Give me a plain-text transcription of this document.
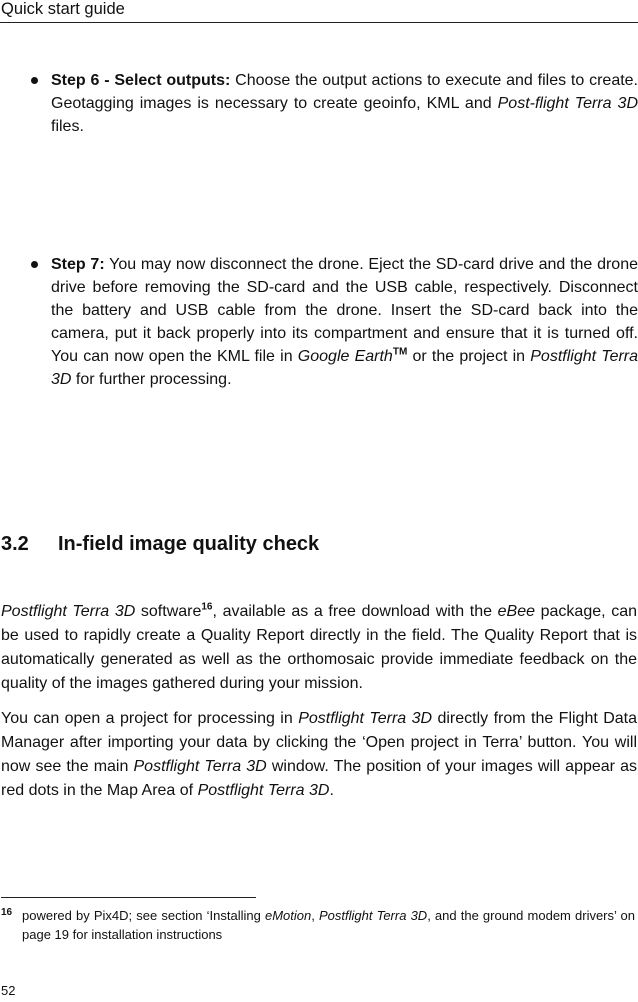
Quick start guide
Step 6 - Select outputs: Choose the output actions to execute and files to create. Geotagging images is necessary to create geoinfo, KML and Post-flight Terra 3D files.
Step 7: You may now disconnect the drone. Eject the SD-card drive and the drone drive before removing the SD-card and the USB cable, respectively. Disconnect the battery and USB cable from the drone. Insert the SD-card back into the camera, put it back properly into its compartment and ensure that it is turned off. You can now open the KML file in Google Earth™ or the project in Postflight Terra 3D for further processing.
3.2 In-field image quality check
Postflight Terra 3D software$^{16}$, available as a free download with the eBee package, can be used to rapidly create a Quality Report directly in the field. The Quality Report that is automatically generated as well as the orthomosaic provide immediate feedback on the quality of the images gathered during your mission.
You can open a project for processing in Postflight Terra 3D directly from the Flight Data Manager after importing your data by clicking the ‘Open project in Terra’ button. You will now see the main Postflight Terra 3D window. The position of your images will appear as red dots in the Map Area of Postflight Terra 3D.
16 powered by Pix4D; see section ‘Installing eMotion, Postflight Terra 3D, and the ground modem drivers’ on page 19 for installation instructions
52
